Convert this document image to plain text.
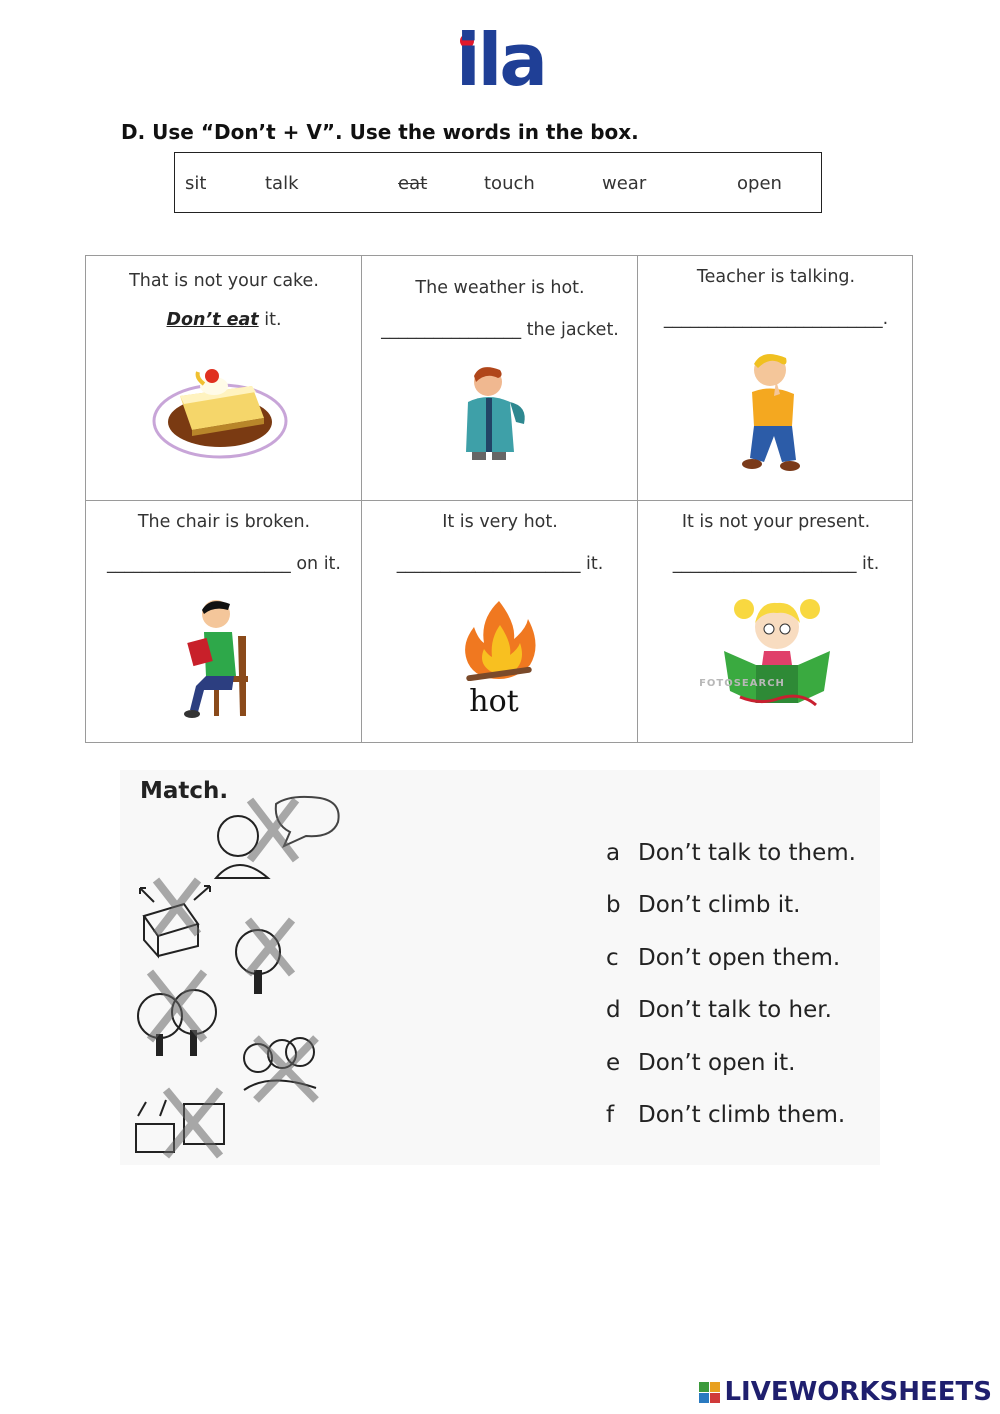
ila
D. Use “Don’t + V”. Use the words in the box.
sit	talk	eat	touch	wear	open
That is not your cake.
Don’t eat it.
The weather is hot.
________________ the jacket.
Teacher is talking.
_________________________.
The chair is broken.
_____________________ on it.
It is very hot.
_____________________ it.
hot
It is not your present.
_____________________ it.
FOTOSEARCH
Match.
a Don’t talk to them.
b Don’t climb it.
c Don’t open them.
d Don’t talk to her.
e Don’t open it.
f Don’t climb them.
LIVEWORKSHEETS
